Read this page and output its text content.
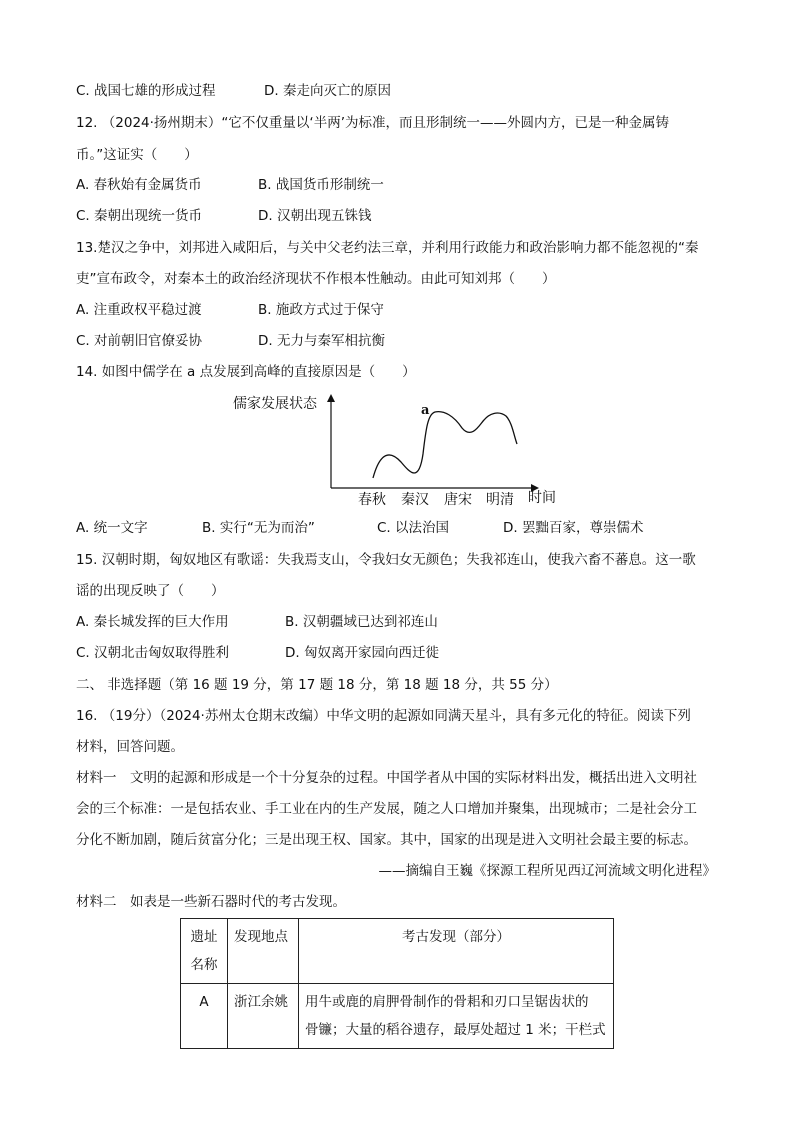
C. 战国七雄的形成过程	D. 秦走向灭亡的原因
12. （2024·扬州期末）“它不仅重量以‘半两’为标准，而且形制统一——外圆内方，已是一种金属铸
币。”这证实（　　）
A. 春秋始有金属货币	B. 战国货币形制统一
C. 秦朝出现统一货币	D. 汉朝出现五铢钱
13.楚汉之争中，刘邦进入咸阳后，与关中父老约法三章，并利用行政能力和政治影响力都不能忽视的“秦
吏”宣布政令，对秦本土的政治经济现状不作根本性触动。由此可知刘邦（　　）
A. 注重政权平稳过渡	B. 施政方式过于保守
C. 对前朝旧官僚妥协	D. 无力与秦军相抗衡
14. 如图中儒学在 a 点发展到高峰的直接原因是（　　）
儒家发展状态	a
春秋 秦汉 唐宋 明清 时间
A. 统一文字	B. 实行“无为而治”	C. 以法治国	D. 罢黜百家，尊崇儒术
15. 汉朝时期，匈奴地区有歌谣：失我焉支山，令我妇女无颜色；失我祁连山，使我六畜不蕃息。这一歌
谣的出现反映了（　　）
A. 秦长城发挥的巨大作用	B. 汉朝疆域已达到祁连山
C. 汉朝北击匈奴取得胜利	D. 匈奴离开家园向西迁徙
二、 非选择题（第 16 题 19 分，第 17 题 18 分，第 18 题 18 分，共 55 分）
16. （19分）（2024·苏州太仓期末改编）中华文明的起源如同满天星斗，具有多元化的特征。阅读下列
材料，回答问题。
材料一　文明的起源和形成是一个十分复杂的过程。中国学者从中国的实际材料出发，概括出进入文明社
会的三个标准：一是包括农业、手工业在内的生产发展，随之人口增加并聚集，出现城市；二是社会分工
分化不断加剧，随后贫富分化；三是出现王权、国家。其中，国家的出现是进入文明社会最主要的标志。
——摘编自王巍《探源工程所见西辽河流域文明化进程》
材料二　如表是一些新石器时代的考古发现。
遗址
名称	发现地点	考古发现（部分）
A	浙江余姚	用牛或鹿的肩胛骨制作的骨耜和刃口呈锯齿状的
骨镰；大量的稻谷遗存，最厚处超过 1 米；干栏式
